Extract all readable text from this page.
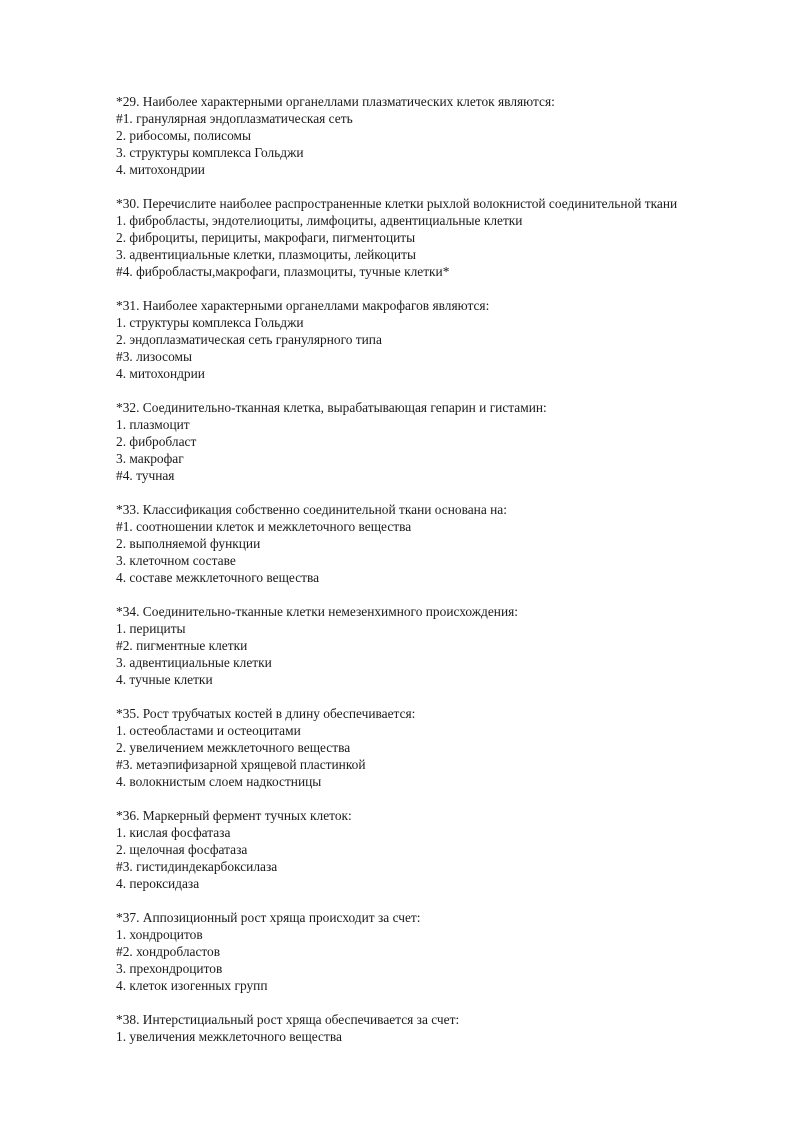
*29. Наиболее характерными органеллами плазматических клеток являются:
#1. гранулярная эндоплазматическая сеть
2. рибосомы, полисомы
3. структуры комплекса Гольджи
4. митохондрии
*30. Перечислите наиболее распространенные клетки рыхлой волокнистой соединительной ткани
1. фибробласты, эндотелиоциты, лимфоциты, адвентициальные клетки
2. фиброциты, перициты, макрофаги, пигментоциты
3. адвентициальные клетки, плазмоциты, лейкоциты
#4. фибробласты,макрофаги, плазмоциты, тучные клетки*
*31. Наиболее характерными органеллами макрофагов являются:
1. структуры комплекса Гольджи
2. эндоплазматическая сеть гранулярного типа
#3. лизосомы
4. митохондрии
*32. Соединительно-тканная клетка, вырабатывающая гепарин и гистамин:
1. плазмоцит
2. фибробласт
3. макрофаг
#4. тучная
*33. Классификация собственно соединительной ткани основана на:
#1. соотношении клеток и межклеточного вещества
2. выполняемой функции
3. клеточном составе
4. составе межклеточного вещества
*34. Соединительно-тканные клетки немезенхимного происхождения:
1. перициты
#2. пигментные клетки
3. адвентициальные клетки
4. тучные клетки
*35. Рост трубчатых костей в длину обеспечивается:
1. остеобластами и остеоцитами
2. увеличением межклеточного вещества
#3. метаэпифизарной хрящевой пластинкой
4. волокнистым слоем надкостницы
*36. Маркерный фермент тучных клеток:
1. кислая фосфатаза
2. щелочная фосфатаза
#3. гистидиндекарбоксилаза
4. пероксидаза
*37. Аппозиционный рост хряща происходит за счет:
1. хондроцитов
#2. хондробластов
3. прехондроцитов
4. клеток изогенных групп
*38. Интерстициальный рост хряща обеспечивается за счет:
1. увеличения межклеточного вещества
